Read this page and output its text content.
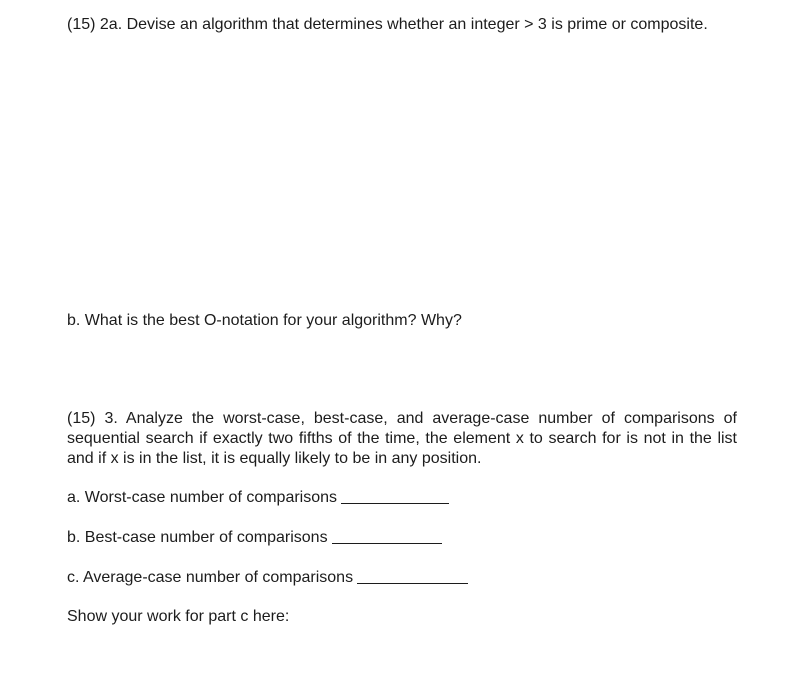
(15) 2a. Devise an algorithm that determines whether an integer > 3 is prime or composite.
b. What is the best O-notation for your algorithm? Why?
(15) 3. Analyze the worst-case, best-case, and average-case number of comparisons of sequential search if exactly two fifths of the time, the element x to search for is not in the list and if x is in the list, it is equally likely to be in any position.
a. Worst-case number of comparisons
b. Best-case number of comparisons
c. Average-case number of comparisons
Show your work for part c here:
